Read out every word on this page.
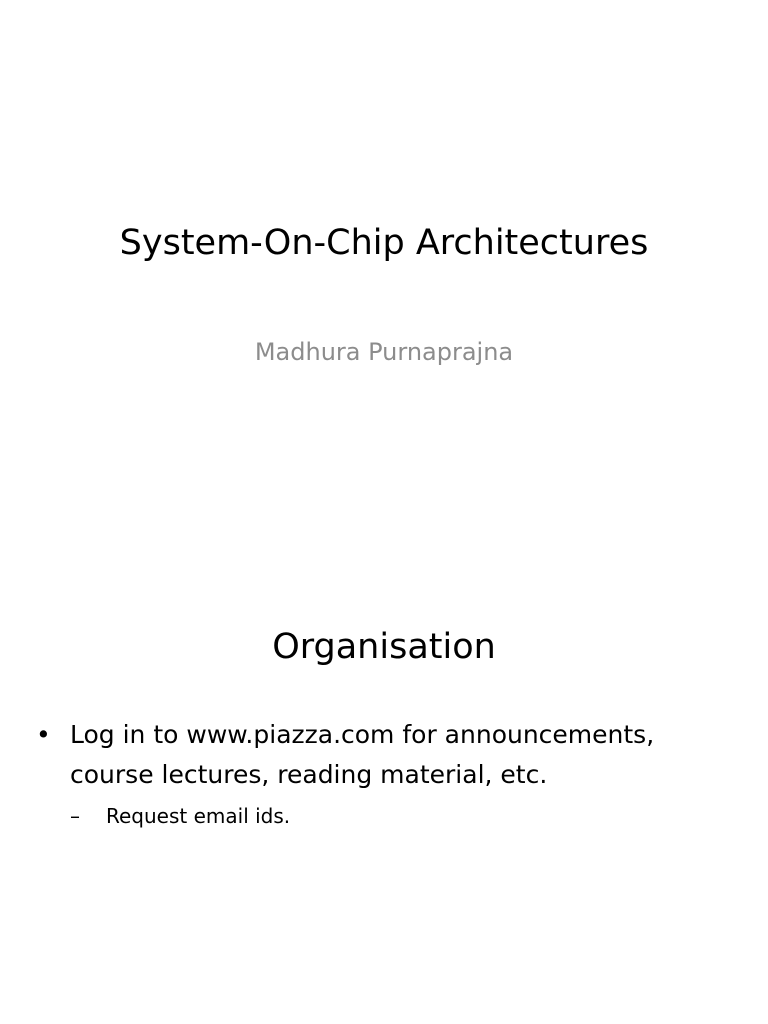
System-On-Chip Architectures
Madhura Purnaprajna
Organisation
• Log in to www.piazza.com for announcements,
course lectures, reading material, etc.
–	Request email ids.
